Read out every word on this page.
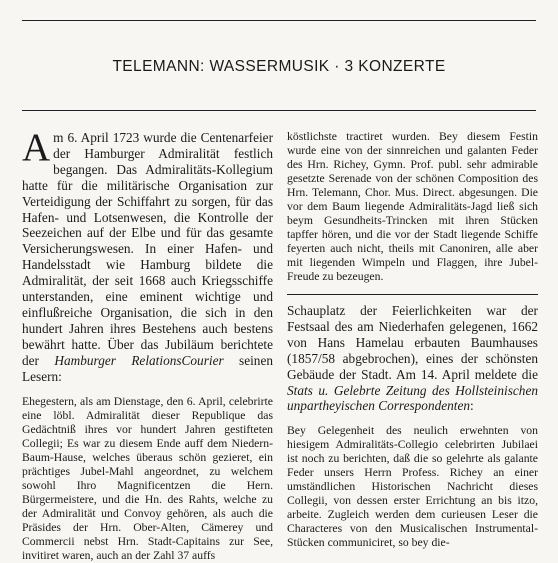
TELEMANN: WASSERMUSIK · 3 KONZERTE

Am 6. April 1723 wurde die Centenarfeier der Hamburger Admiralität festlich begangen. Das Admiralitäts-Kollegium hatte für die militärische Organisation zur Verteidigung der Schiffahrt zu sorgen, für das Hafen- und Lotsenwesen, die Kontrolle der Seezeichen auf der Elbe und für das gesamte Versicherungswesen. In einer Hafen- und Handelsstadt wie Hamburg bildete die Admiralität, der seit 1668 auch Kriegsschiffe unterstanden, eine eminent wichtige und einflußreiche Organisation, die sich in den hundert Jahren ihres Bestehens auch bestens bewährt hatte. Über das Jubiläum berichtete der Hamburger RelationsCourier seinen Lesern:

Ehegestern, als am Dienstage, den 6. April, celebrirte eine löbl. Admiralität dieser Republique das Gedächtniß ihres vor hundert Jahren gestifteten Collegii; Es war zu diesem Ende auff dem Niedern-Baum-Hause, welches überaus schön gezieret, ein prächtiges Jubel-Mahl angeordnet, zu welchem sowohl Ihro Magnificentzen die Hern. Bürgermeistere, und die Hn. des Rahts, welche zu der Admiralität und Convoy gehören, als auch die Präsides der Hrn. Ober-Alten, Cämerey und Commercii nebst Hrn. Stadt-Capitains zur See, invitiret waren, auch an der Zahl 37 auffs

köstlichste tractiret wurden. Bey diesem Festin wurde eine von der sinnreichen und galanten Feder des Hrn. Richey, Gymn. Prof. publ. sehr admirable gesetzte Serenade von der schönen Composition des Hrn. Telemann, Chor. Mus. Direct. abgesungen. Die vor dem Baum liegende Admiralitäts-Jagd ließ sich beym Gesundheits-Trincken mit ihren Stücken tapffer hören, und die vor der Stadt liegende Schiffe feyerten auch nicht, theils mit Canoniren, alle aber mit liegenden Wimpeln und Flaggen, ihre Jubel-Freude zu bezeugen.

Schauplatz der Feierlichkeiten war der Festsaal des am Niederhafen gelegenen, 1662 von Hans Hamelau erbauten Baumhauses (1857/58 abgebrochen), eines der schönsten Gebäude der Stadt. Am 14. April meldete die Stats u. Gelebrte Zeitung des Hollsteinischen unpartheyischen Correspondenten:

Bey Gelegenheit des neulich erwehnten von hiesigem Admiralitäts-Collegio celebrirten Jubilaei ist noch zu berichten, daß die so gelehrte als galante Feder unsers Herrn Profess. Richey an einer umständlichen Historischen Nachricht dieses Collegii, von dessen erster Errichtung an bis itzo, arbeite. Zugleich werden dem curieusen Leser die Characteres von den Musicalischen Instrumental-Stücken communiciret, so bey die-
